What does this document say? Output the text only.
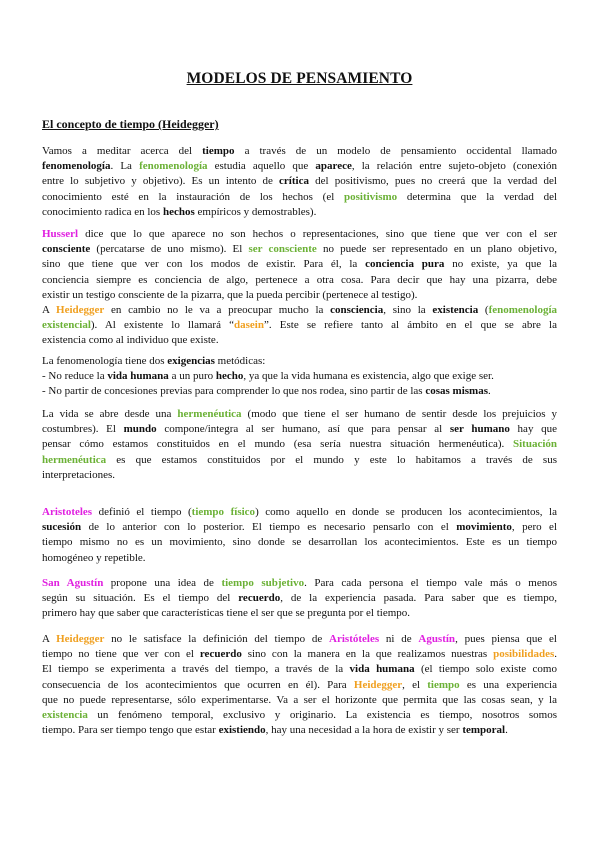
MODELOS DE PENSAMIENTO
El concepto de tiempo (Heidegger)
Vamos a meditar acerca del tiempo a través de un modelo de pensamiento occidental llamado
fenomenología. La fenomenología estudia aquello que aparece, la relación entre sujeto-objeto (conexión
entre lo subjetivo y objetivo). Es un intento de crítica del positivismo, pues no creerá que la verdad del
conocimiento esté en la instauración de los hechos (el positivismo determina que la verdad del
conocimiento radica en los hechos empíricos y demostrables).
Husserl dice que lo que aparece no son hechos o representaciones, sino que tiene que ver con el ser
consciente (percatarse de uno mismo). El ser consciente no puede ser representado en un plano objetivo,
sino que tiene que ver con los modos de existir. Para él, la conciencia pura no existe, ya que la
conciencia siempre es conciencia de algo, pertenece a otra cosa. Para decir que hay una pizarra, debe
existir un testigo consciente de la pizarra, que la pueda percibir (pertenece al testigo).
A Heidegger en cambio no le va a preocupar mucho la consciencia, sino la existencia (fenomenología
existencial). Al existente lo llamará “dasein”. Este se refiere tanto al ámbito en el que se abre la
existencia como al individuo que existe.
La fenomenología tiene dos exigencias metódicas:
- No reduce la vida humana a un puro hecho, ya que la vida humana es existencia, algo que exige ser.
- No partir de concesiones previas para comprender lo que nos rodea, sino partir de las cosas mismas.
La vida se abre desde una hermenéutica (modo que tiene el ser humano de sentir desde los prejuicios y
costumbres). El mundo compone/integra al ser humano, así que para pensar al ser humano hay que
pensar cómo estamos constituidos en el mundo (esa sería nuestra situación hermenéutica). Situación
hermenéutica es que estamos constituidos por el mundo y este lo habitamos a través de sus
interpretaciones.
Aristoteles definió el tiempo (tiempo físico) como aquello en donde se producen los acontecimientos, la
sucesión de lo anterior con lo posterior. El tiempo es necesario pensarlo con el movimiento, pero el
tiempo mismo no es un movimiento, sino donde se desarrollan los acontecimientos. Este es un tiempo
homogéneo y repetible.
San Agustín propone una idea de tiempo subjetivo. Para cada persona el tiempo vale más o menos
según su situación. Es el tiempo del recuerdo, de la experiencia pasada. Para saber que es tiempo,
primero hay que saber que características tiene el ser que se pregunta por el tiempo.
A Heidegger no le satisface la definición del tiempo de Aristóteles ni de Agustín, pues piensa que el
tiempo no tiene que ver con el recuerdo sino con la manera en la que realizamos nuestras posibilidades.
El tiempo se experimenta a través del tiempo, a través de la vida humana (el tiempo solo existe como
consecuencia de los acontecimientos que ocurren en él). Para Heidegger, el tiempo es una experiencia
que no puede representarse, sólo experimentarse. Va a ser el horizonte que permita que las cosas sean, y la
existencia un fenómeno temporal, exclusivo y originario. La existencia es tiempo, nosotros somos
tiempo. Para ser tiempo tengo que estar existiendo, hay una necesidad a la hora de existir y ser temporal.
